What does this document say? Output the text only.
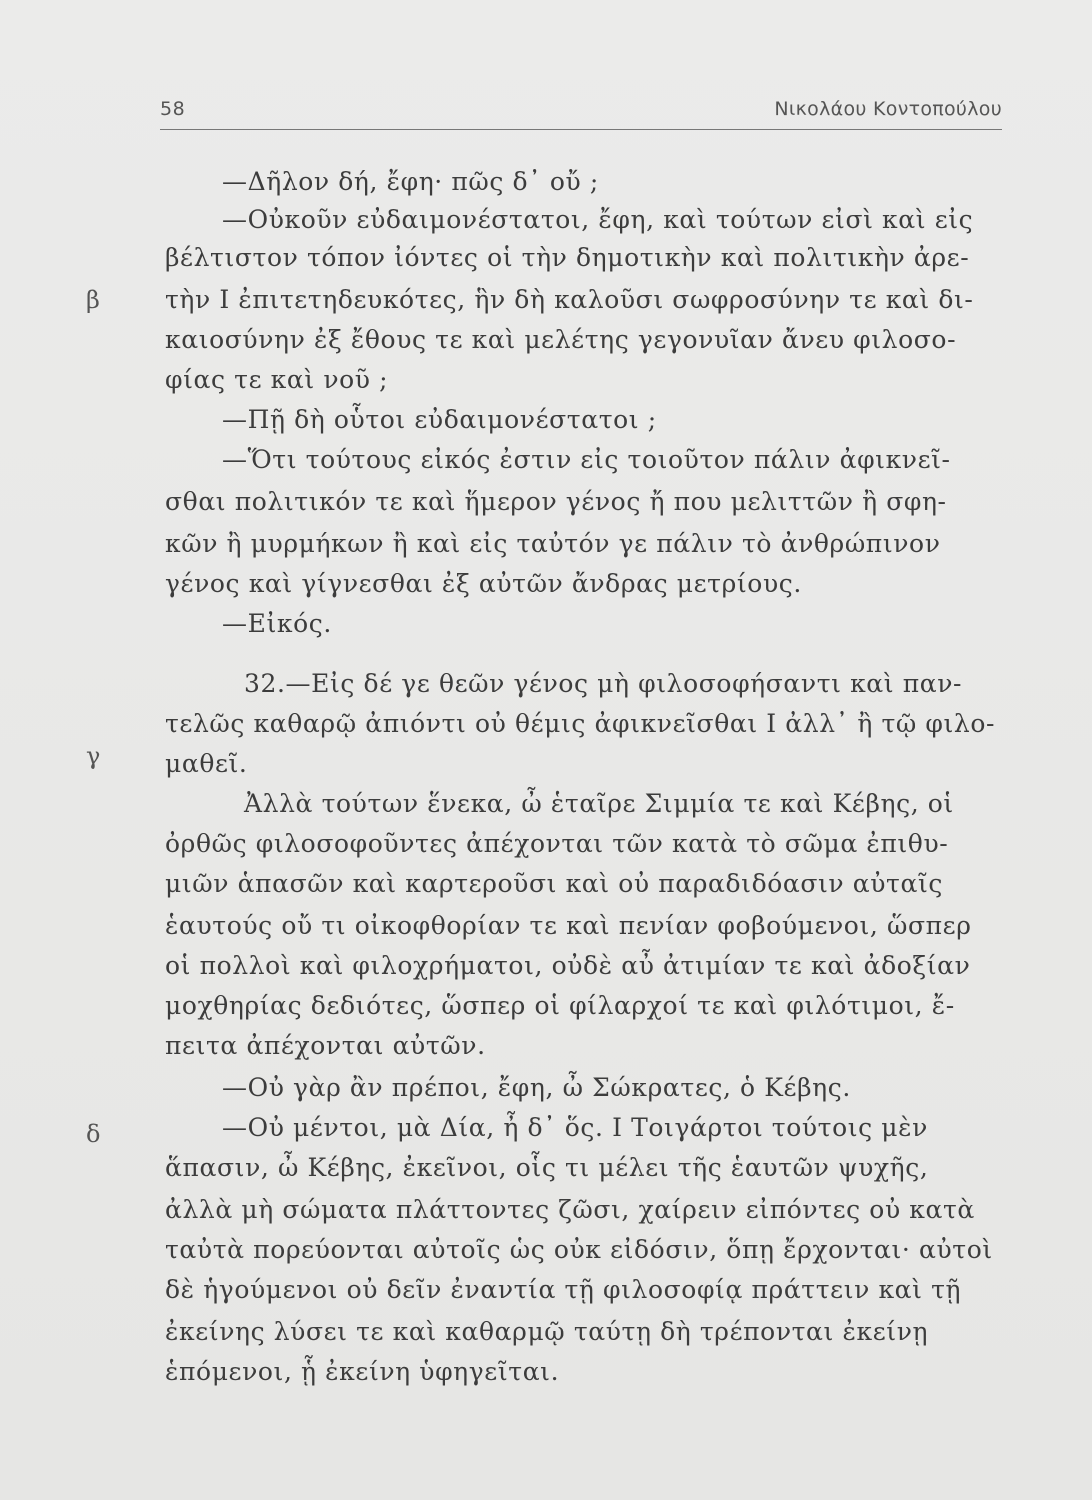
58	Νικολάου Κοντοπούλου
β
γ
δ
—Δῆλον δή, ἔφη· πῶς δ᾽ οὔ ;
—Οὐκοῦν εὐδαιμονέστατοι, ἔφη, καὶ τούτων εἰσὶ καὶ εἰς
βέλτιστον τόπον ἰόντες οἱ τὴν δημοτικὴν καὶ πολιτικὴν ἀρε-
τὴν Ι ἐπιτετηδευκότες, ἣν δὴ καλοῦσι σωφροσύνην τε καὶ δι-
καιοσύνην ἐξ ἔθους τε καὶ μελέτης γεγονυῖαν ἄνευ φιλοσο-
φίας τε καὶ νοῦ ;
—Πῇ δὴ οὗτοι εὐδαιμονέστατοι ;
—Ὅτι τούτους εἰκός ἐστιν εἰς τοιοῦτον πάλιν ἀφικνεῖ-
σθαι πολιτικόν τε καὶ ἥμερον γένος ἤ που μελιττῶν ἢ σφη-
κῶν ἢ μυρμήκων ἢ καὶ εἰς ταὐτόν γε πάλιν τὸ ἀνθρώπινον
γένος καὶ γίγνεσθαι ἐξ αὐτῶν ἄνδρας μετρίους.
—Εἰκός.
32.—Εἰς δέ γε θεῶν γένος μὴ φιλοσοφήσαντι καὶ παν-
τελῶς καθαρῷ ἀπιόντι οὐ θέμις ἀφικνεῖσθαι Ι ἀλλ᾽ ἢ τῷ φιλο-
μαθεῖ.
Ἀλλὰ τούτων ἕνεκα, ὦ ἑταῖρε Σιμμία τε καὶ Κέβης, οἱ
ὀρθῶς φιλοσοφοῦντες ἀπέχονται τῶν κατὰ τὸ σῶμα ἐπιθυ-
μιῶν ἁπασῶν καὶ καρτεροῦσι καὶ οὐ παραδιδόασιν αὐταῖς
ἑαυτούς οὔ τι οἰκοφθορίαν τε καὶ πενίαν φοβούμενοι, ὥσπερ
οἱ πολλοὶ καὶ φιλοχρήματοι, οὐδὲ αὖ ἀτιμίαν τε καὶ ἀδοξίαν
μοχθηρίας δεδιότες, ὥσπερ οἱ φίλαρχοί τε καὶ φιλότιμοι, ἔ-
πειτα ἀπέχονται αὐτῶν.
—Οὐ γὰρ ἂν πρέποι, ἔφη, ὦ Σώκρατες, ὁ Κέβης.
—Οὐ μέντοι, μὰ Δία, ἦ δ᾽ ὅς. Ι Τοιγάρτοι τούτοις μὲν
ἅπασιν, ὦ Κέβης, ἐκεῖνοι, οἷς τι μέλει τῆς ἑαυτῶν ψυχῆς,
ἀλλὰ μὴ σώματα πλάττοντες ζῶσι, χαίρειν εἰπόντες οὐ κατὰ
ταὐτὰ πορεύονται αὐτοῖς ὡς οὐκ εἰδόσιν, ὅπῃ ἔρχονται· αὐτοὶ
δὲ ἡγούμενοι οὐ δεῖν ἐναντία τῇ φιλοσοφίᾳ πράττειν καὶ τῇ
ἐκείνης λύσει τε καὶ καθαρμῷ ταύτῃ δὴ τρέπονται ἐκείνῃ
ἑπόμενοι, ᾗ ἐκείνη ὑφηγεῖται.
